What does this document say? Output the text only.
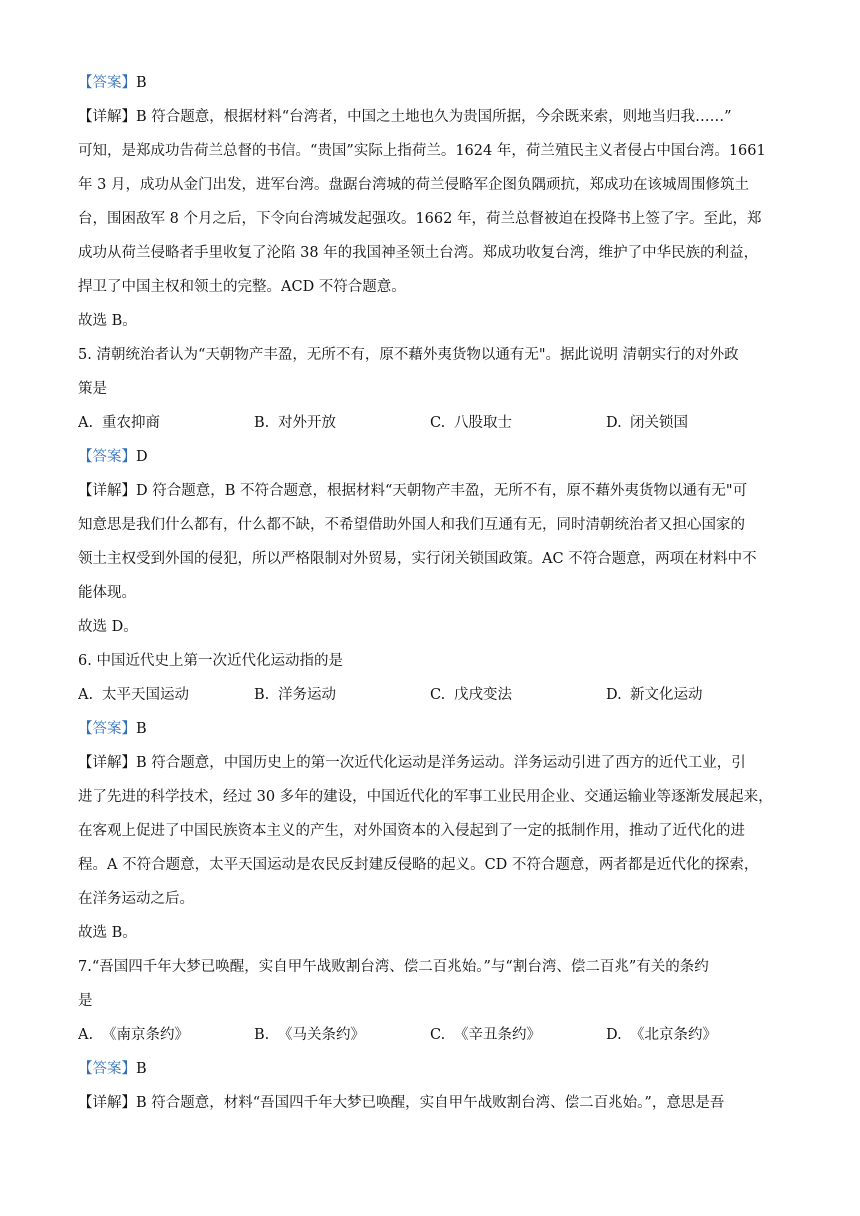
【答案】B
【详解】B 符合题意，根据材料“台湾者，中国之土地也久为贵国所据，今余既来索，则地当归我……”
可知，是郑成功告荷兰总督的书信。“贵国”实际上指荷兰。1624 年，荷兰殖民主义者侵占中国台湾。1661
年 3 月，成功从金门出发，进军台湾。盘踞台湾城的荷兰侵略军企图负隅顽抗，郑成功在该城周围修筑土
台，围困敌军 8 个月之后，下令向台湾城发起强攻。1662 年，荷兰总督被迫在投降书上签了字。至此，郑
成功从荷兰侵略者手里收复了沦陷 38 年的我国神圣领土台湾。郑成功收复台湾，维护了中华民族的利益，
捍卫了中国主权和领土的完整。ACD 不符合题意。
故选 B。
5. 清朝统治者认为“天朝物产丰盈，无所不有，原不藉外夷货物以通有无"。据此说明 清朝实行的对外政
策是
A. 重农抑商	B. 对外开放	C. 八股取士	D. 闭关锁国
【答案】D
【详解】D 符合题意，B 不符合题意，根据材料“天朝物产丰盈，无所不有，原不藉外夷货物以通有无"可
知意思是我们什么都有，什么都不缺，不希望借助外国人和我们互通有无，同时清朝统治者又担心国家的
领土主权受到外国的侵犯，所以严格限制对外贸易，实行闭关锁国政策。AC 不符合题意，两项在材料中不
能体现。
故选 D。
6. 中国近代史上第一次近代化运动指的是
A. 太平天国运动	B. 洋务运动	C. 戊戌变法	D. 新文化运动
【答案】B
【详解】B 符合题意，中国历史上的第一次近代化运动是洋务运动。洋务运动引进了西方的近代工业，引
进了先进的科学技术，经过 30 多年的建设，中国近代化的军事工业民用企业、交通运输业等逐渐发展起来，
在客观上促进了中国民族资本主义的产生，对外国资本的入侵起到了一定的抵制作用，推动了近代化的进
程。A 不符合题意，太平天国运动是农民反封建反侵略的起义。CD 不符合题意，两者都是近代化的探索，
在洋务运动之后。
故选 B。
7.“吾国四千年大梦已唤醒，实自甲午战败割台湾、偿二百兆始。”与“割台湾、偿二百兆”有关的条约
是
A. 《南京条约》	B. 《马关条约》	C. 《辛丑条约》	D. 《北京条约》
【答案】B
【详解】B 符合题意，材料“吾国四千年大梦已唤醒，实自甲午战败割台湾、偿二百兆始。”，意思是吾
